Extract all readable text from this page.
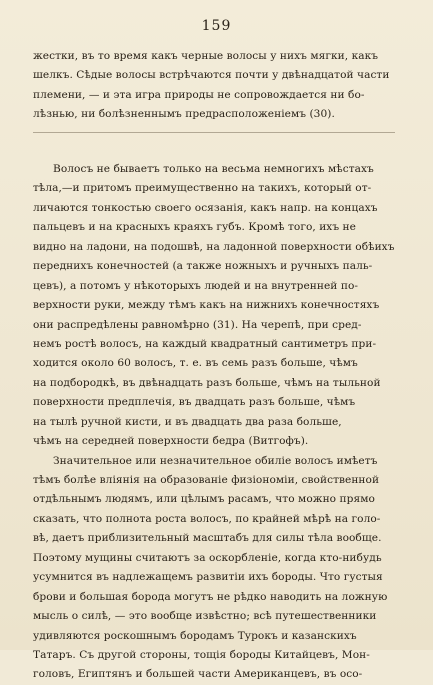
159
жестки, въ то время какъ черные волосы у нихъ мягки, какъ
шелкъ. Сѣдые волосы встрѣчаются почти у двѣнадцатой части
племени, — и эта игра природы не сопровождается ни бо-
лѣзнью, ни болѣзненнымъ предрасположеніемъ (30).
Волосъ не бываетъ только на весьма немногихъ мѣстахъ
тѣла,—и притомъ преимущественно на такихъ, который от-
личаются тонкостью своего осязанія, какъ напр. на концахъ
пальцевъ и на красныхъ краяхъ губъ. Кромѣ того, ихъ не
видно на ладони, на подошвѣ, на ладонной поверхности обѣихъ
переднихъ конечностей (а также ножныхъ и ручныхъ паль-
цевъ), а потомъ у нѣкоторыхъ людей и на внутренней по-
верхности руки, между тѣмъ какъ на нижнихъ конечностяхъ
они распредѣлены равномѣрно (31). На черепѣ, при сред-
немъ ростѣ волосъ, на каждый квадратный сантиметръ при-
ходится около 60 волосъ, т. е. въ семь разъ больше, чѣмъ
на подбородкѣ, въ двѣнадцать разъ больше, чѣмъ на тыльной
поверхности предплечія, въ двадцать разъ больше, чѣмъ
на тылѣ ручной кисти, и въ двадцать два раза больше,
чѣмъ на середней поверхности бедра (Витгофъ).
Значительное или незначительное обиліе волосъ имѣетъ
тѣмъ болѣе вліянія на образованіе физіономіи, свойственной
отдѣльнымъ людямъ, или цѣлымъ расамъ, что можно прямо
сказать, что полнота роста волосъ, по крайней мѣрѣ на голо-
вѣ, даетъ приблизительный масштабъ для силы тѣла вообще.
Поэтому мущины считаютъ за оскорбленіе, когда кто-нибудь
усумнится въ надлежащемъ развитіи ихъ бороды. Что густыя
брови и большая борода могутъ не рѣдко наводить на ложную
мысль о силѣ, — это вообще извѣстно; всѣ путешественники
удивляются роскошнымъ бородамъ Турокъ и казанскихъ
Татаръ. Съ другой стороны, тощія бороды Китайцевъ, Мон-
головъ, Египтянъ и большей части Американцевъ, въ осо-
